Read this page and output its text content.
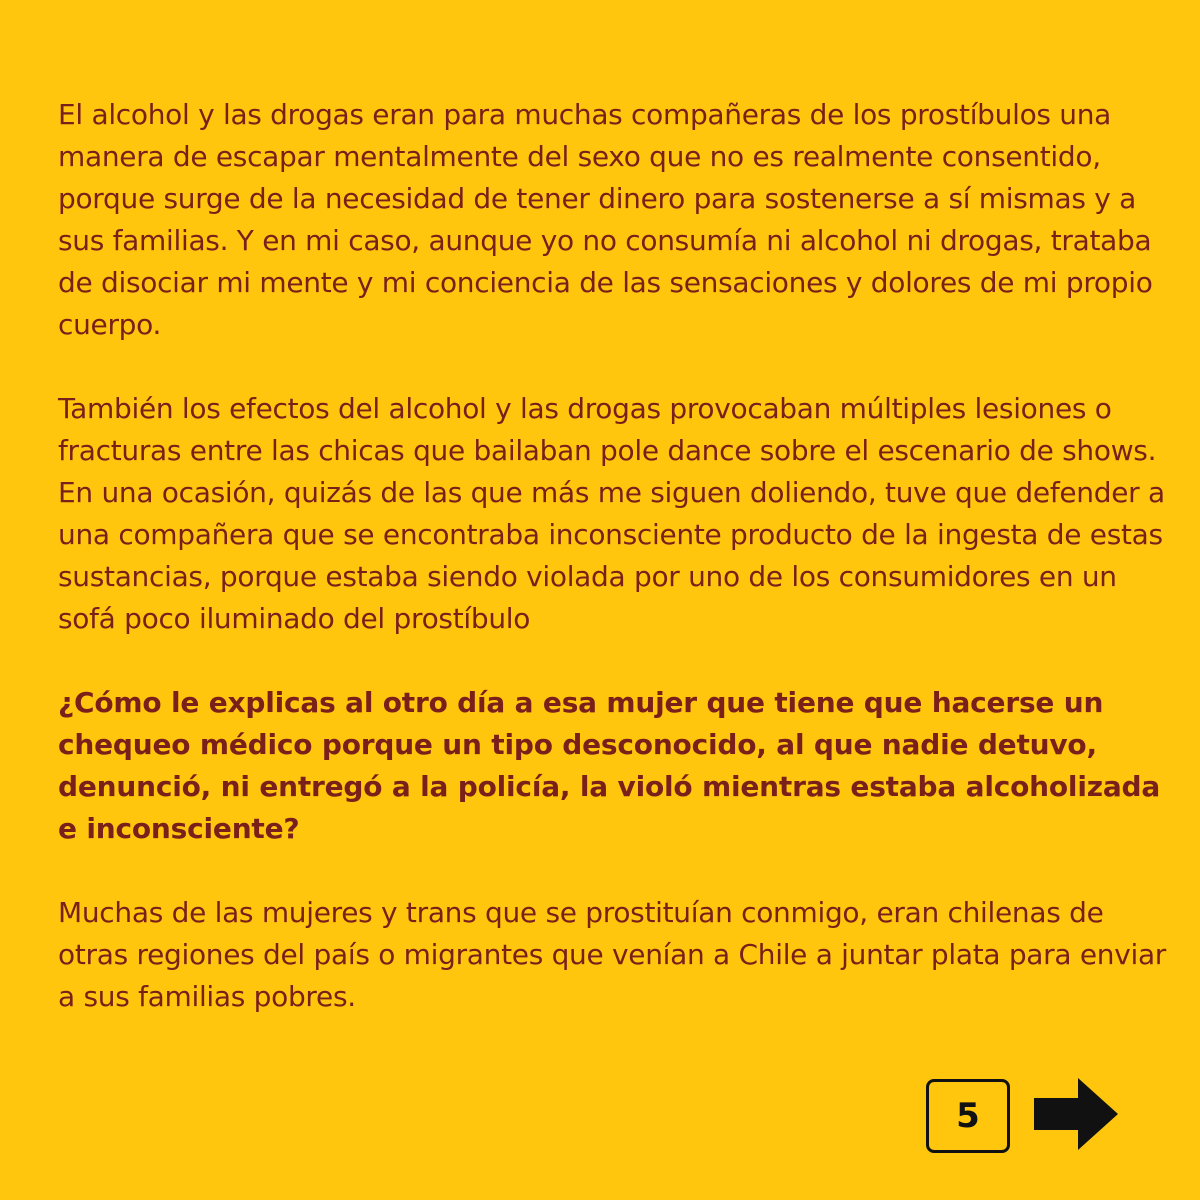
El alcohol y las drogas eran para muchas compañeras de los prostíbulos una manera de escapar mentalmente del sexo que no es realmente consentido, porque surge de la necesidad de tener dinero para sostenerse a sí mismas y a sus familias. Y en mi caso, aunque yo no consumía ni alcohol ni drogas, trataba de disociar mi mente y mi conciencia de las sensaciones y dolores de mi propio cuerpo.

También los efectos del alcohol y las drogas provocaban múltiples lesiones o fracturas entre las chicas que bailaban pole dance sobre el escenario de shows. En una ocasión, quizás de las que más me siguen doliendo, tuve que defender a una compañera que se encontraba inconsciente producto de la ingesta de estas sustancias, porque estaba siendo violada por uno de los consumidores en un sofá poco iluminado del prostíbulo

¿Cómo le explicas al otro día a esa mujer que tiene que hacerse un chequeo médico porque un tipo desconocido, al que nadie detuvo, denunció, ni entregó a la policía, la violó mientras estaba alcoholizada e inconsciente?

Muchas de las mujeres y trans que se prostituían conmigo, eran chilenas de otras regiones del país o migrantes que venían a Chile a juntar plata para enviar a sus familias pobres.

5
